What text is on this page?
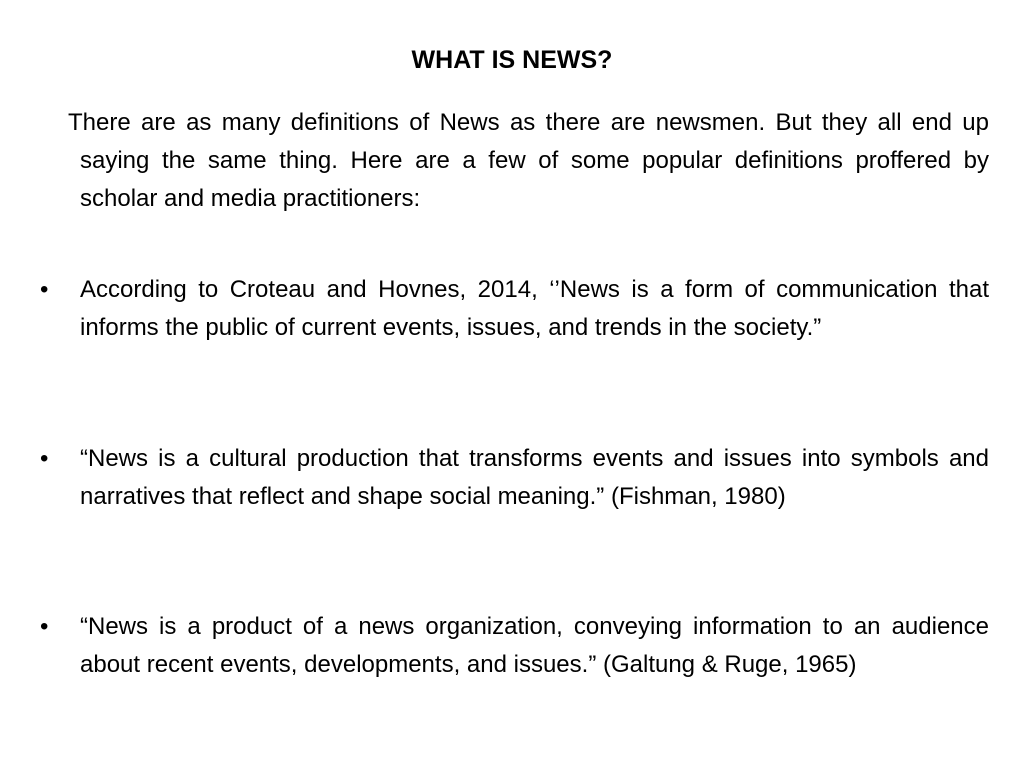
WHAT IS NEWS?
There are as many definitions of News as there are newsmen. But they all end up saying the same thing. Here are a few of some popular definitions proffered by scholar and media practitioners:
• According to Croteau and Hovnes, 2014, ‘’News is a form of communication that informs the public of current events, issues, and trends in the society.”
• “News is a cultural production that transforms events and issues into symbols and narratives that reflect and shape social meaning.” (Fishman, 1980)
• “News is a product of a news organization, conveying information to an audience about recent events, developments, and issues.” (Galtung & Ruge, 1965)
